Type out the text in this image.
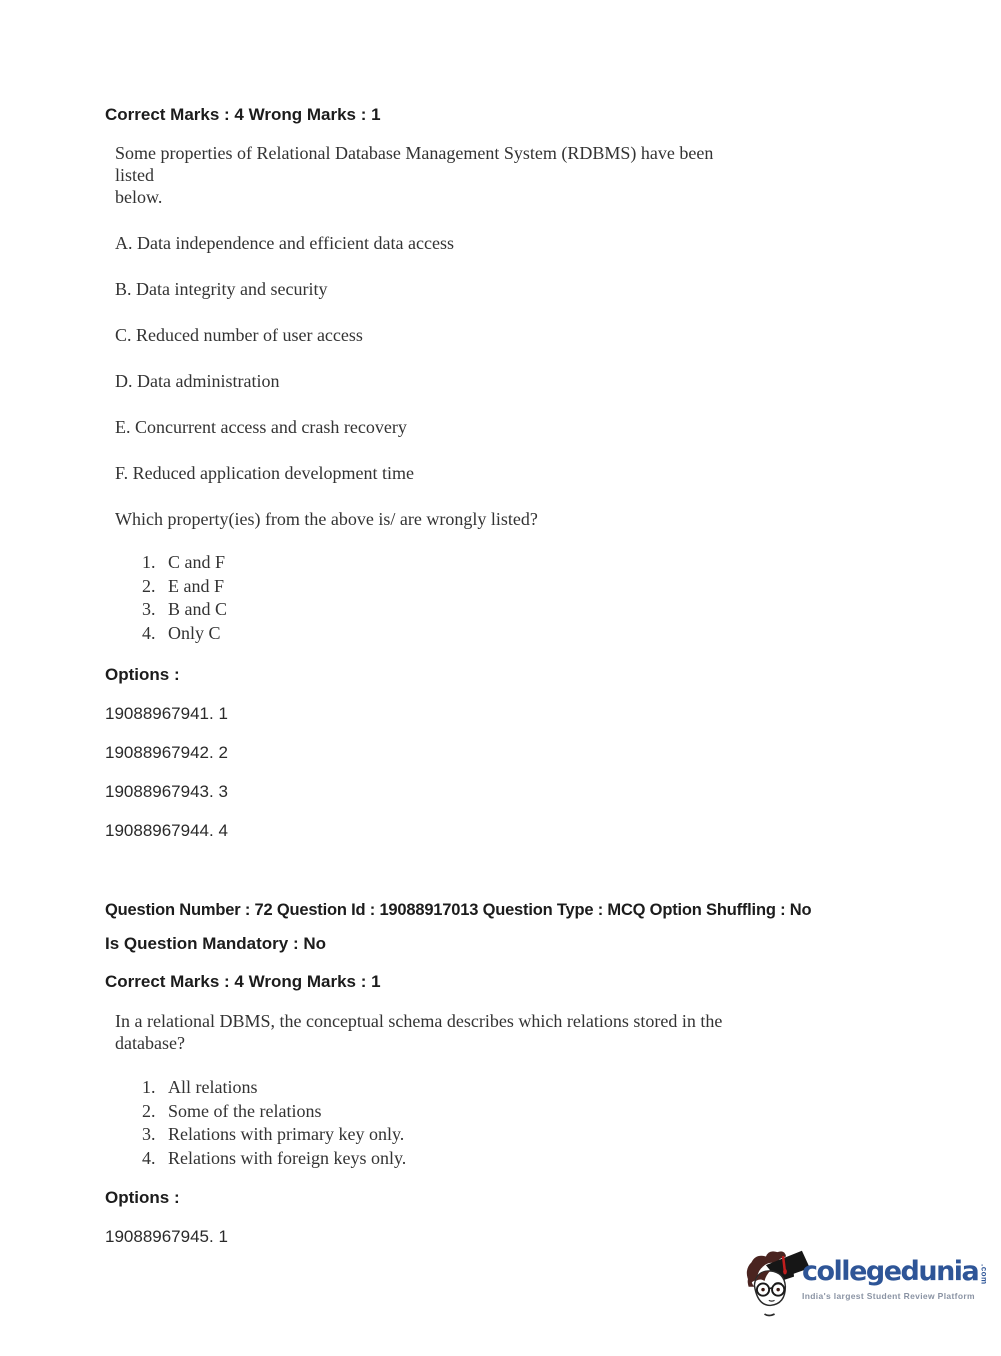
Correct Marks : 4 Wrong Marks : 1
Some properties of Relational Database Management System (RDBMS) have been listed
below.
A. Data independence and efficient data access
B. Data integrity and security
C. Reduced number of user access
D. Data administration
E. Concurrent access and crash recovery
F. Reduced application development time
Which property(ies) from the above is/ are wrongly listed?
1. C and F
2. E and F
3. B and C
4. Only C
Options :
19088967941. 1
19088967942. 2
19088967943. 3
19088967944. 4
Question Number : 72 Question Id : 19088917013 Question Type : MCQ Option Shuffling : No
Is Question Mandatory : No
Correct Marks : 4 Wrong Marks : 1
In a relational DBMS, the conceptual schema describes which relations stored in the
database?
1. All relations
2. Some of the relations
3. Relations with primary key only.
4. Relations with foreign keys only.
Options :
19088967945. 1
collegedunia .com
India's largest Student Review Platform
